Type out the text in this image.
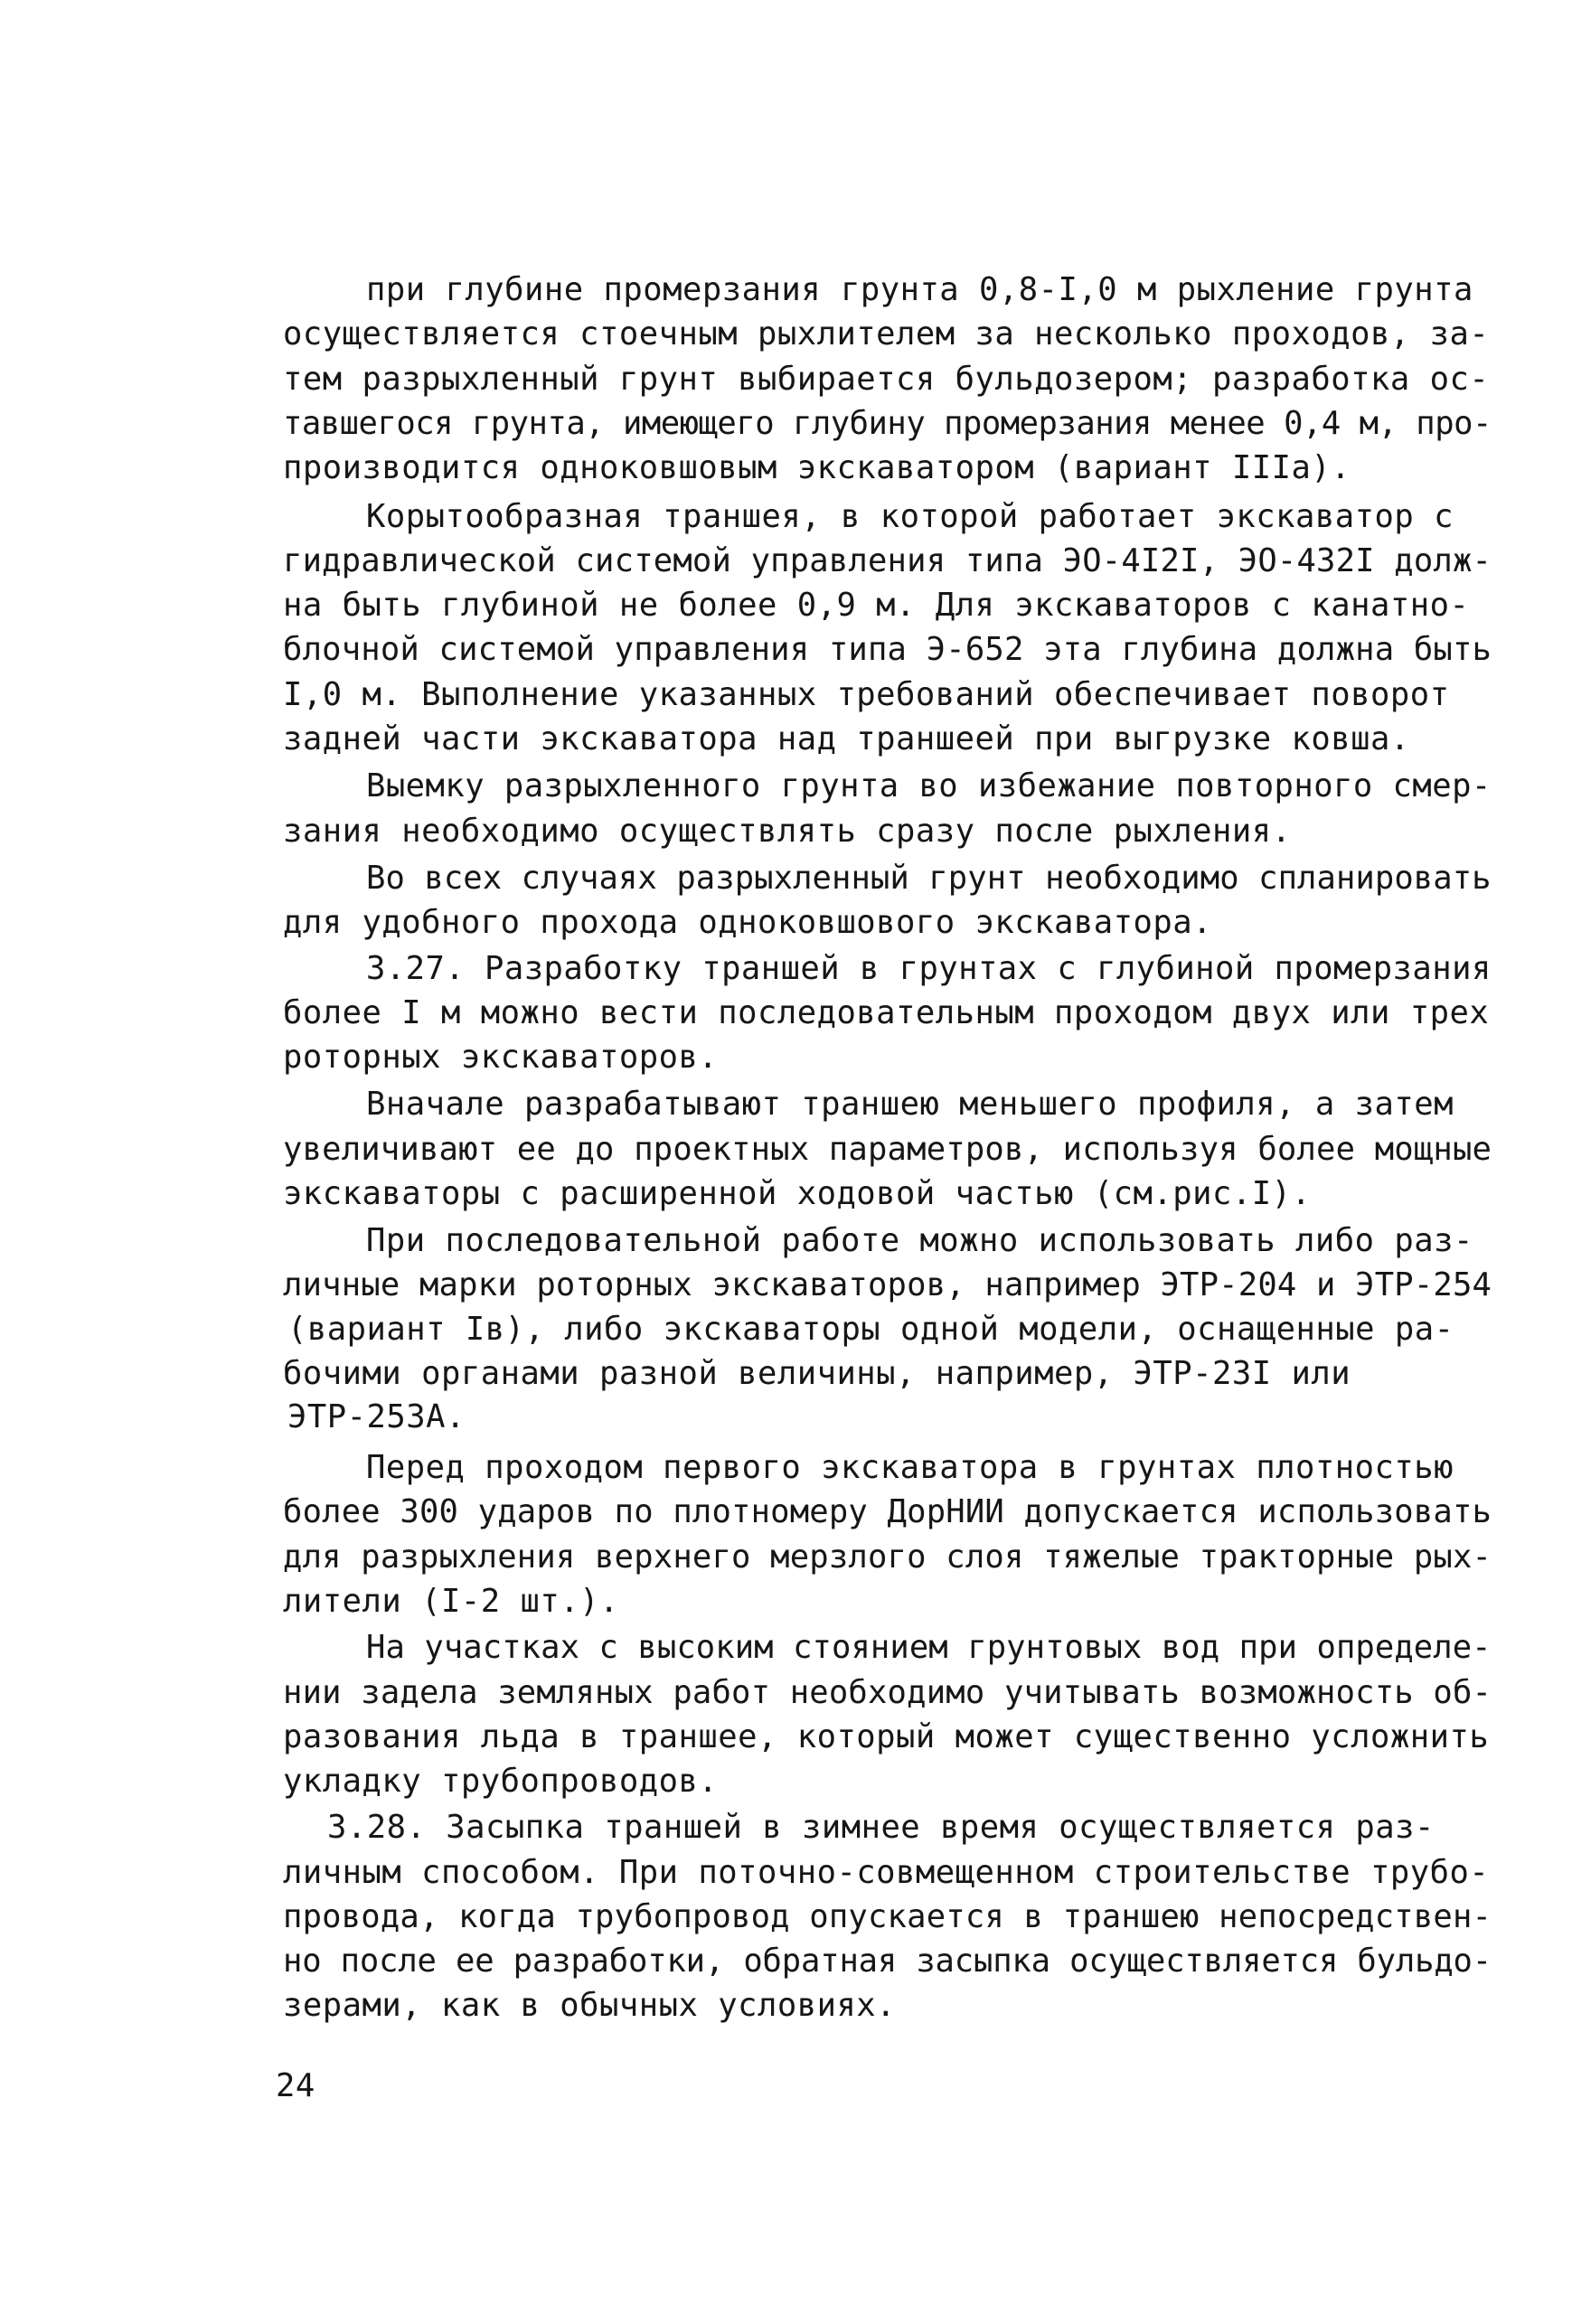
при глубине промерзания грунта 0,8-I,0 м рыхление грунта
осуществляется стоечным рыхлителем за несколько проходов, за-
тем разрыхленный грунт выбирается бульдозером; разработка ос-
тавшегося грунта, имеющего глубину промерзания менее 0,4 м, про-
производится одноковшовым экскаватором (вариант IIIа).
Корытообразная траншея, в которой работает экскаватор с
гидравлической системой управления типа ЭО-4I2I, ЭО-432I долж-
на быть глубиной не более 0,9 м. Для экскаваторов с канатно-
блочной системой управления типа Э-652 эта глубина должна быть
I,0 м. Выполнение указанных требований обеспечивает поворот
задней части экскаватора над траншеей при выгрузке ковша.
Выемку разрыхленного грунта во избежание повторного смер-
зания необходимо осуществлять сразу после рыхления.
Во всех случаях разрыхленный грунт необходимо спланировать
для удобного прохода одноковшового экскаватора.
3.27. Разработку траншей в грунтах с глубиной промерзания
более I м можно вести последовательным проходом двух или трех
роторных экскаваторов.
Вначале разрабатывают траншею меньшего профиля, а затем
увеличивают ее до проектных параметров, используя более мощные
экскаваторы с расширенной ходовой частью (см.рис.I).
При последовательной работе можно использовать либо раз-
личные марки роторных экскаваторов, например ЭТР-204 и ЭТР-254
(вариант Iв), либо экскаваторы одной модели, оснащенные ра-
бочими органами разной величины, например, ЭТР-23I или
ЭТР-253А.
Перед проходом первого экскаватора в грунтах плотностью
более 300 ударов по плотномеру ДорНИИ допускается использовать
для разрыхления верхнего мерзлого слоя тяжелые тракторные рых-
лители (I-2 шт.).
На участках с высоким стоянием грунтовых вод при определе-
нии задела земляных работ необходимо учитывать возможность об-
разования льда в траншее, который может существенно усложнить
укладку трубопроводов.
3.28. Засыпка траншей в зимнее время осуществляется раз-
личным способом. При поточно-совмещенном строительстве трубо-
провода, когда трубопровод опускается в траншею непосредствен-
но после ее разработки, обратная засыпка осуществляется бульдо-
зерами, как в обычных условиях.
24
